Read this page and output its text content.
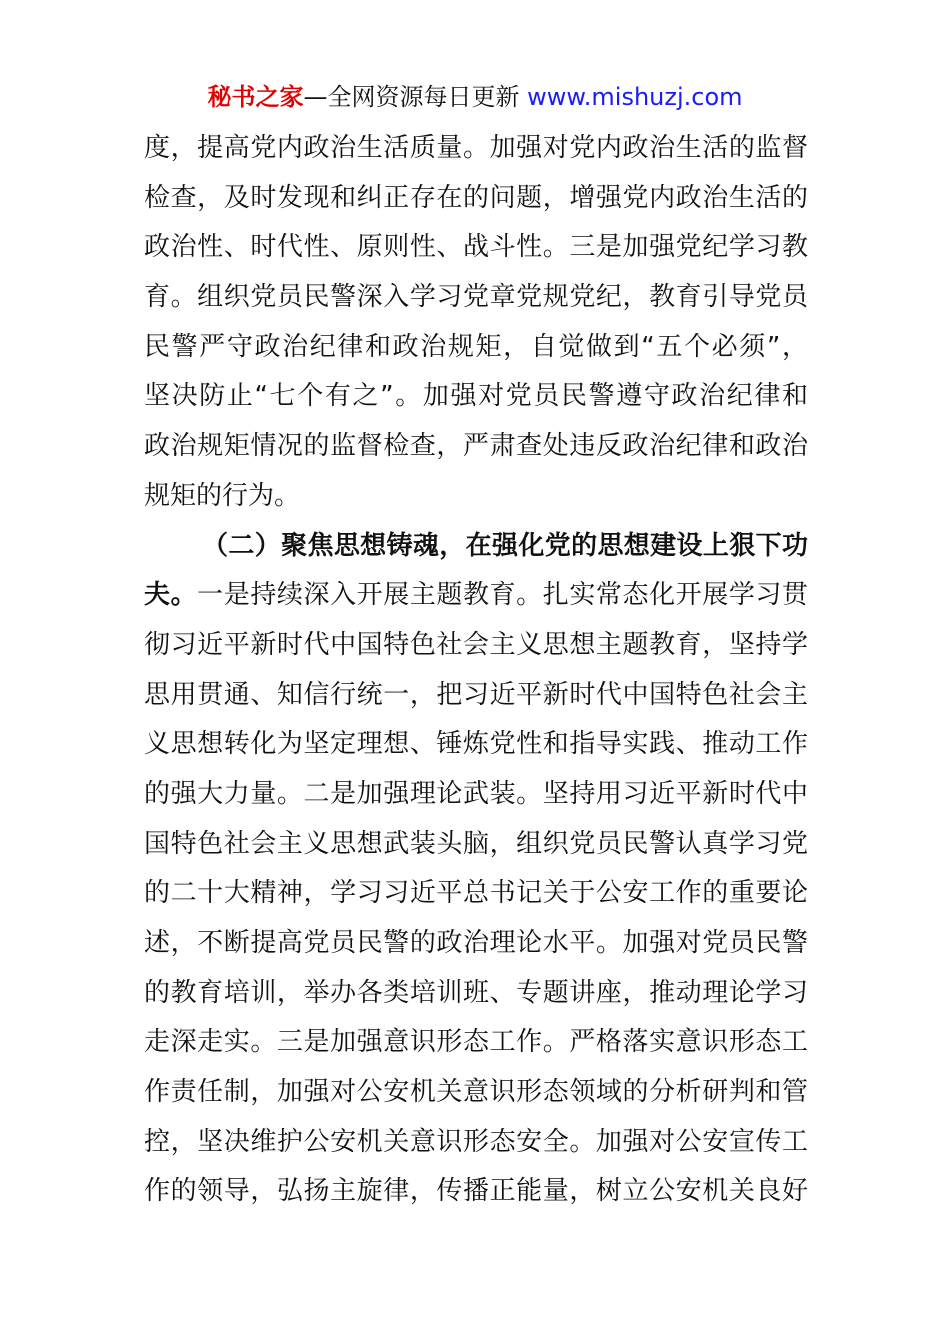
秘书之家—全网资源每日更新 www.mishuzj.com
度，提高党内政治生活质量。加强对党内政治生活的监督
检查，及时发现和纠正存在的问题，增强党内政治生活的
政治性、时代性、原则性、战斗性。三是加强党纪学习教
育。组织党员民警深入学习党章党规党纪，教育引导党员
民警严守政治纪律和政治规矩，自觉做到“五个必须”，
坚决防止“七个有之”。加强对党员民警遵守政治纪律和
政治规矩情况的监督检查，严肃查处违反政治纪律和政治
规矩的行为。
（二）聚焦思想铸魂，在强化党的思想建设上狠下功
夫。一是持续深入开展主题教育。扎实常态化开展学习贯
彻习近平新时代中国特色社会主义思想主题教育，坚持学
思用贯通、知信行统一，把习近平新时代中国特色社会主
义思想转化为坚定理想、锤炼党性和指导实践、推动工作
的强大力量。二是加强理论武装。坚持用习近平新时代中
国特色社会主义思想武装头脑，组织党员民警认真学习党
的二十大精神，学习习近平总书记关于公安工作的重要论
述，不断提高党员民警的政治理论水平。加强对党员民警
的教育培训，举办各类培训班、专题讲座，推动理论学习
走深走实。三是加强意识形态工作。严格落实意识形态工
作责任制，加强对公安机关意识形态领域的分析研判和管
控，坚决维护公安机关意识形态安全。加强对公安宣传工
作的领导，弘扬主旋律，传播正能量，树立公安机关良好
